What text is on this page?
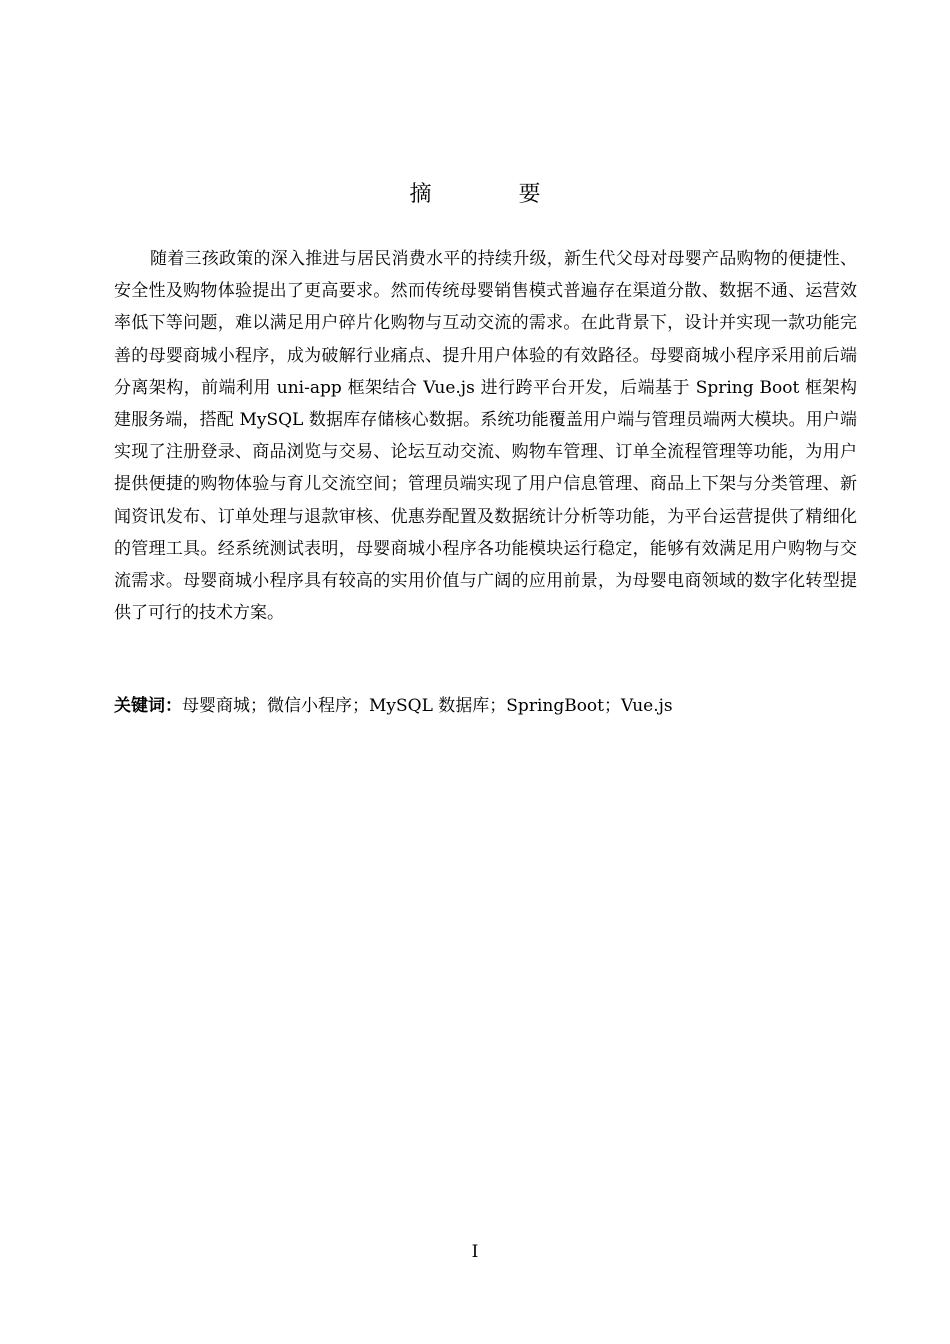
摘 要

随着三孩政策的深入推进与居民消费水平的持续升级，新生代父母对母婴产品购物的便捷性、安全性及购物体验提出了更高要求。然而传统母婴销售模式普遍存在渠道分散、数据不通、运营效率低下等问题，难以满足用户碎片化购物与互动交流的需求。在此背景下，设计并实现一款功能完善的母婴商城小程序，成为破解行业痛点、提升用户体验的有效路径。母婴商城小程序采用前后端分离架构，前端利用 uni-app 框架结合 Vue.js 进行跨平台开发，后端基于 Spring Boot 框架构建服务端，搭配 MySQL 数据库存储核心数据。系统功能覆盖用户端与管理员端两大模块。用户端实现了注册登录、商品浏览与交易、论坛互动交流、购物车管理、订单全流程管理等功能，为用户提供便捷的购物体验与育儿交流空间；管理员端实现了用户信息管理、商品上下架与分类管理、新闻资讯发布、订单处理与退款审核、优惠券配置及数据统计分析等功能，为平台运营提供了精细化的管理工具。经系统测试表明，母婴商城小程序各功能模块运行稳定，能够有效满足用户购物与交流需求。母婴商城小程序具有较高的实用价值与广阔的应用前景，为母婴电商领域的数字化转型提供了可行的技术方案。

关键词：母婴商城；微信小程序；MySQL 数据库；SpringBoot；Vue.js
I
